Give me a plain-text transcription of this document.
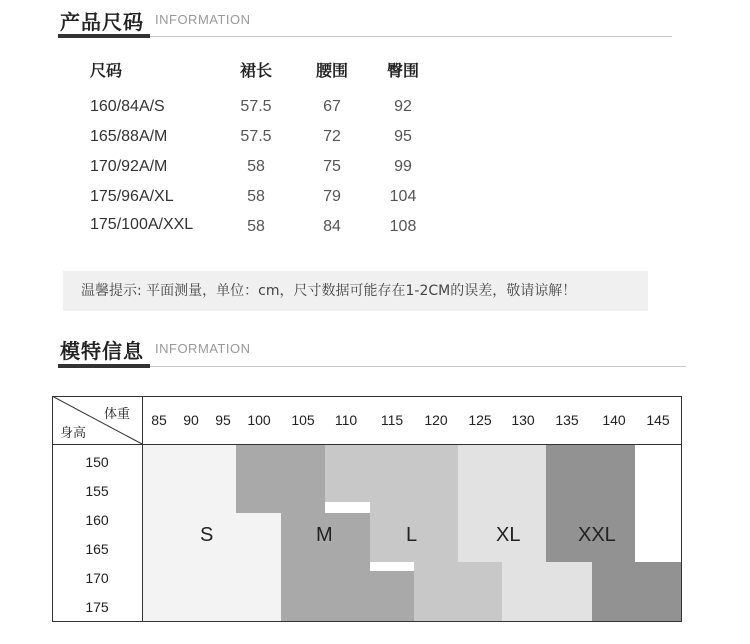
产品尺码 INFORMATION
尺码	裙长	腰围 臀围
160/84A/S	57.5	67	92
165/88A/M	57.5	72	95
170/92A/M	58	75	99
175/96A/XL	58	79	104
175/100A/XXL	58	84	108
温馨提示: 平面测量，单位：cm，尺寸数据可能存在1-2CM的误差，敬请谅解！
模特信息 INFORMATION
体重
身高
85	90	95	100	105	110	115	120	125	130	135	140	145
150
155
160
165
170
175
S	M	L	XL	XXL
